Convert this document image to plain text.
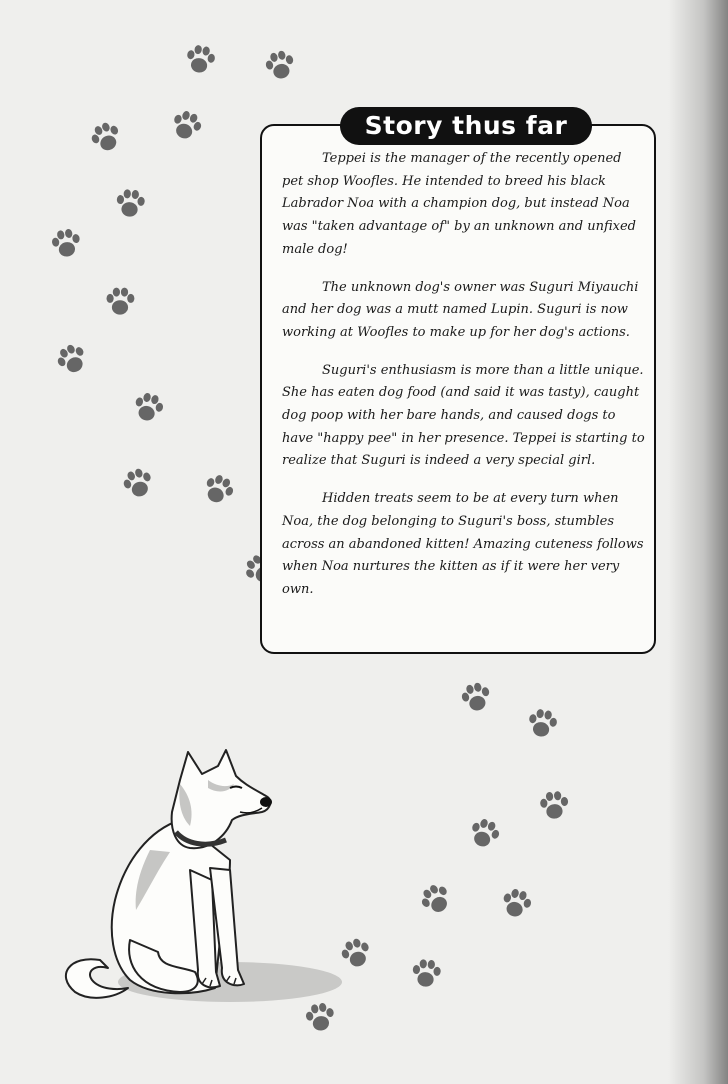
Story thus far

Teppei is the manager of the recently opened pet shop Woofles. He intended to breed his black Labrador Noa with a champion dog, but instead Noa was "taken advantage of" by an unknown and unfixed male dog!

The unknown dog's owner was Suguri Miyauchi and her dog was a mutt named Lupin. Suguri is now working at Woofles to make up for her dog's actions.

Suguri's enthusiasm is more than a little unique. She has eaten dog food (and said it was tasty), caught dog poop with her bare hands, and caused dogs to have "happy pee" in her presence. Teppei is starting to realize that Suguri is indeed a very special girl.

Hidden treats seem to be at every turn when Noa, the dog belonging to Suguri's boss, stumbles across an abandoned kitten! Amazing cuteness follows when Noa nurtures the kitten as if it were her very own.
